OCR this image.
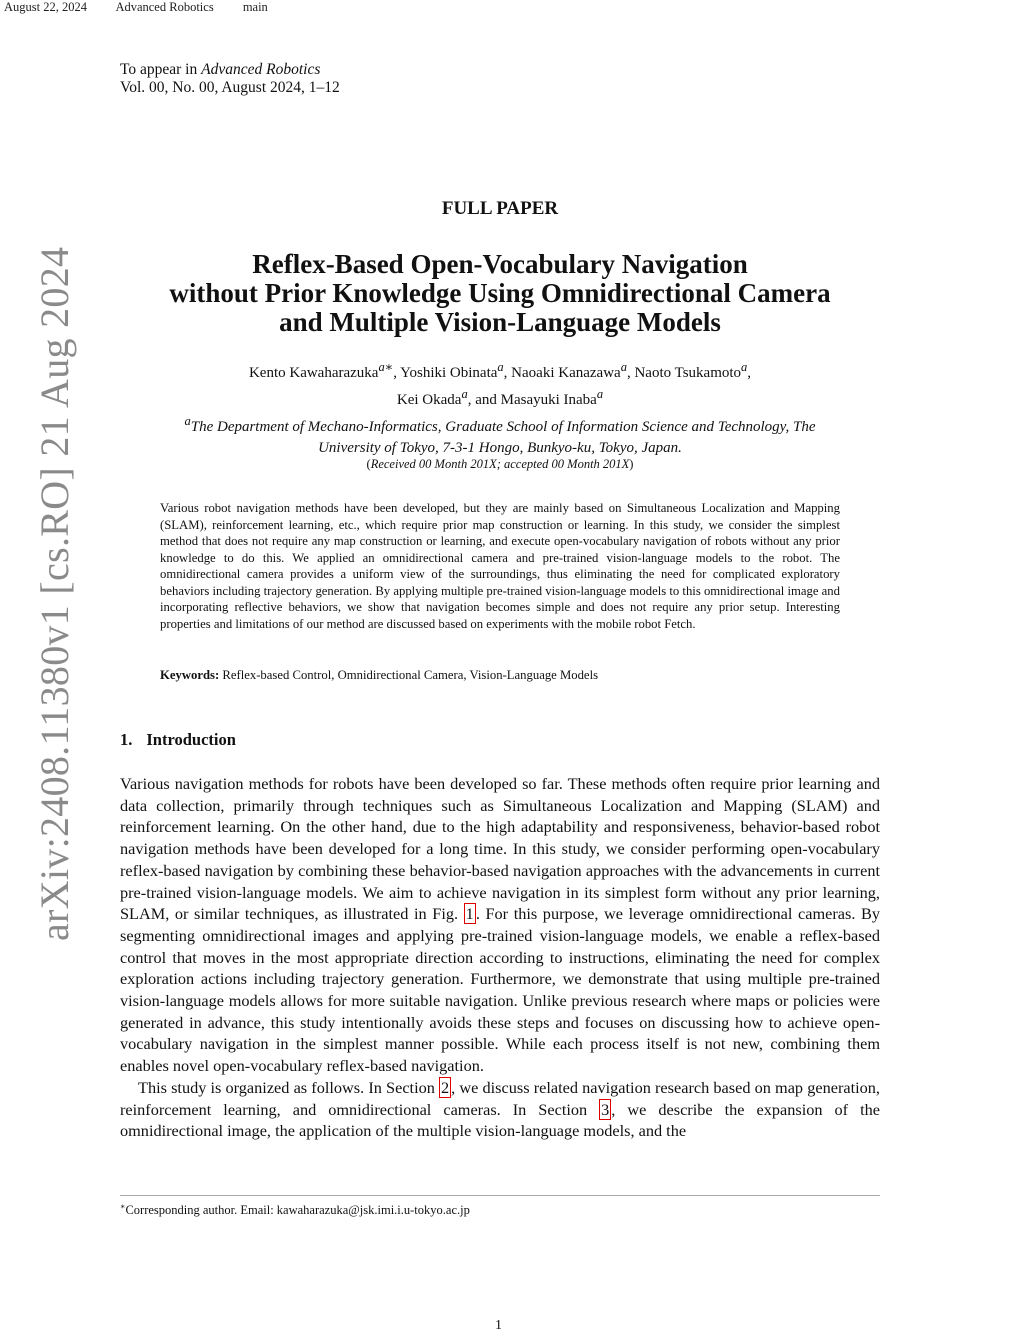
August 22, 2024 Advanced Robotics main
arXiv:2408.11380v1 [cs.RO] 21 Aug 2024
To appear in Advanced Robotics
Vol. 00, No. 00, August 2024, 1–12
FULL PAPER
Reflex-Based Open-Vocabulary Navigation
without Prior Knowledge Using Omnidirectional Camera
and Multiple Vision-Language Models
Kento Kawaharazuka$^{a∗}$, Yoshiki Obinata$^a$, Naoaki Kanazawa$^a$, Naoto Tsukamoto$^a$,
Kei Okada$^a$, and Masayuki Inaba$^a$
$^a$The Department of Mechano-Informatics, Graduate School of Information Science and Technology, The
University of Tokyo, 7-3-1 Hongo, Bunkyo-ku, Tokyo, Japan.
(Received 00 Month 201X; accepted 00 Month 201X)

Various robot navigation methods have been developed, but they are mainly based on Simultaneous Localization and Mapping (SLAM), reinforcement learning, etc., which require prior map construction or learning. In this study, we consider the simplest method that does not require any map construction or learning, and execute open-vocabulary navigation of robots without any prior knowledge to do this. We applied an omnidirectional camera and pre-trained vision-language models to the robot. The omnidirectional camera provides a uniform view of the surroundings, thus eliminating the need for complicated exploratory behaviors including trajectory generation. By applying multiple pre-trained vision-language models to this omnidirectional image and incorporating reflective behaviors, we show that navigation becomes simple and does not require any prior setup. Interesting properties and limitations of our method are discussed based on experiments with the mobile robot Fetch.

Keywords: Reflex-based Control, Omnidirectional Camera, Vision-Language Models
1. Introduction

Various navigation methods for robots have been developed so far. These methods often require prior learning and data collection, primarily through techniques such as Simultaneous Localization and Mapping (SLAM) and reinforcement learning. On the other hand, due to the high adaptability and responsiveness, behavior-based robot navigation methods have been developed for a long time. In this study, we consider performing open-vocabulary reflex-based navigation by combining these behavior-based navigation approaches with the advancements in current pre-trained vision-language models. We aim to achieve navigation in its simplest form without any prior learning, SLAM, or similar techniques, as illustrated in Fig. 1 . For this purpose, we leverage omnidirectional cameras. By segmenting omnidirectional images and applying pre-trained vision-language models, we enable a reflex-based control that moves in the most appropriate direction according to instructions, eliminating the need for complex exploration actions including trajectory generation. Furthermore, we demonstrate that using multiple pre-trained vision-language models allows for more suitable navigation. Unlike previous research where maps or policies were generated in advance, this study intentionally avoids these steps and focuses on discussing how to achieve open-vocabulary navigation in the simplest manner possible. While each process itself is not new, combining them enables novel open-vocabulary reflex-based navigation.
This study is organized as follows. In Section 2 , we discuss related navigation research based on map generation, reinforcement learning, and omnidirectional cameras. In Section 3 , we describe the expansion of the omnidirectional image, the application of the multiple vision-language models, and the

∗Corresponding author. Email: kawaharazuka@jsk.imi.i.u-tokyo.ac.jp
1
